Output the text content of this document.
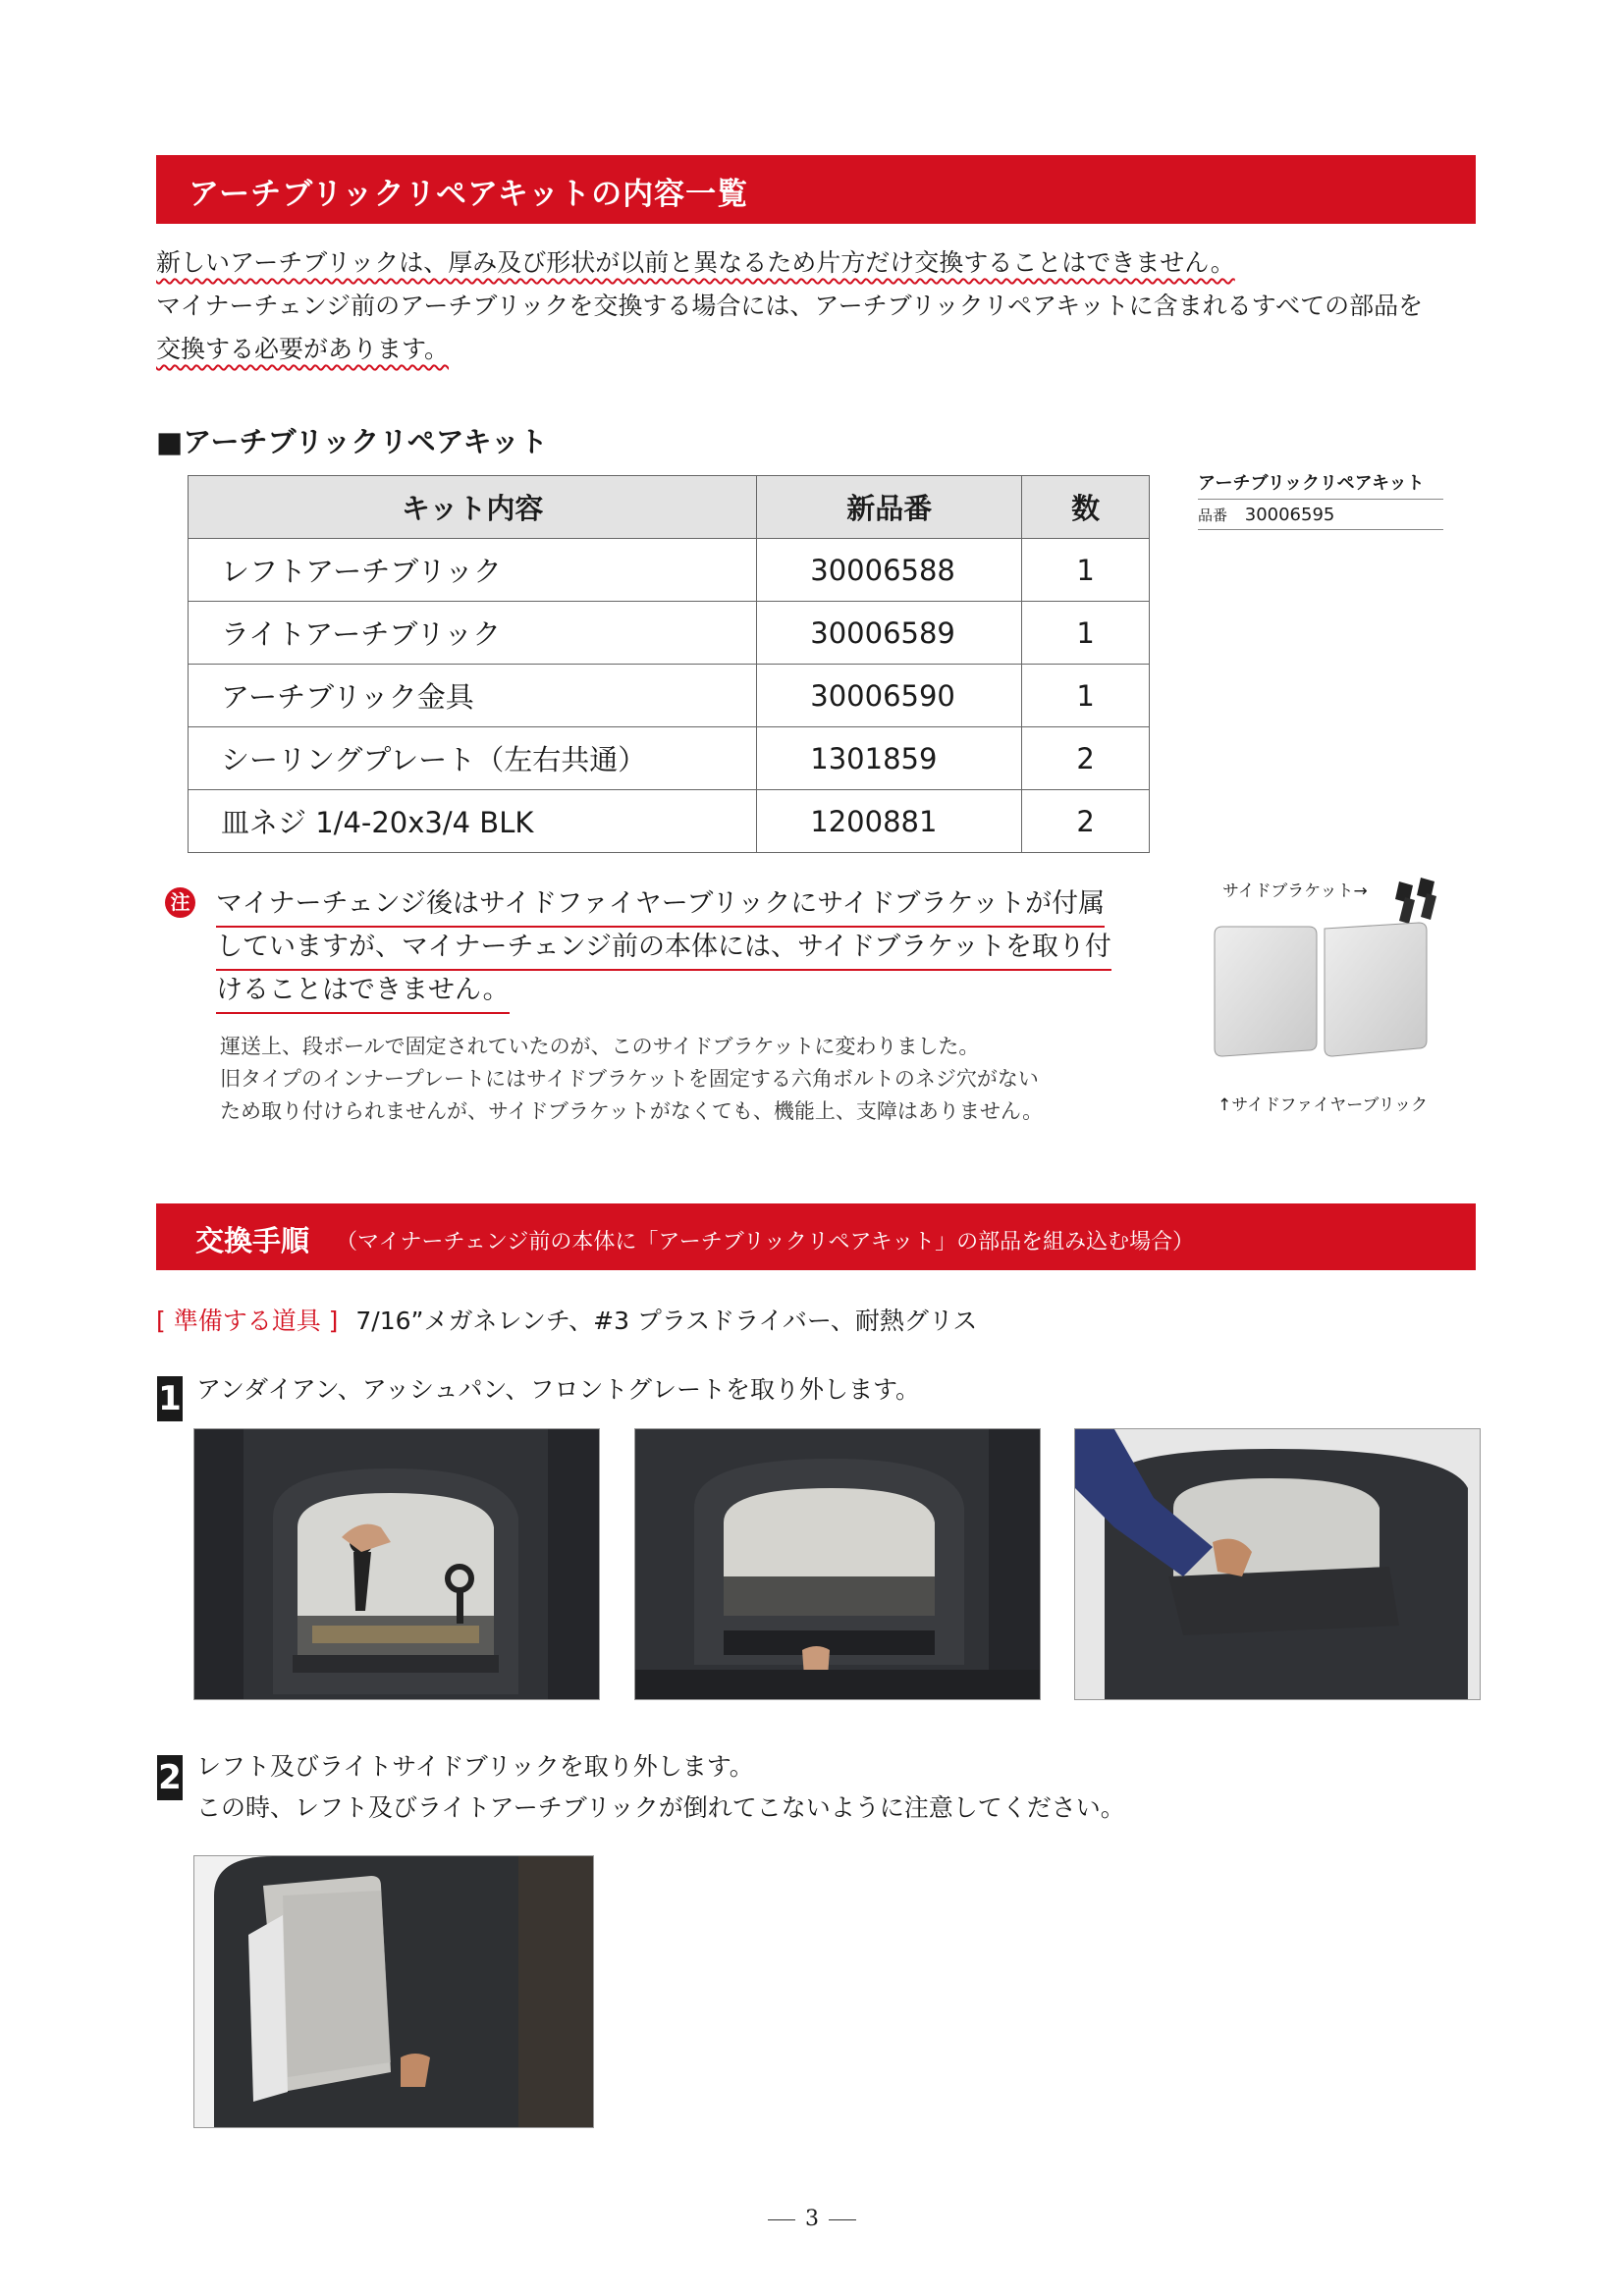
アーチブリックリペアキットの内容一覧
新しいアーチブリックは、厚み及び形状が以前と異なるため片方だけ交換することはできません。
マイナーチェンジ前のアーチブリックを交換する場合には、アーチブリックリペアキットに含まれるすべての部品を
交換する必要があります。
■アーチブリックリペアキット
キット内容	新品番	数
レフトアーチブリック	30006588	1
ライトアーチブリック	30006589	1
アーチブリック金具	30006590	1
シーリングプレート（左右共通）	1301859	2
皿ネジ 1/4-20x3/4 BLK	1200881	2
アーチブリックリペアキット
品番 30006595
注 マイナーチェンジ後はサイドファイヤーブリックにサイドブラケットが付属
していますが、マイナーチェンジ前の本体には、サイドブラケットを取り付
けることはできません。
運送上、段ボールで固定されていたのが、このサイドブラケットに変わりました。
旧タイプのインナープレートにはサイドブラケットを固定する六角ボルトのネジ穴がない
ため取り付けられませんが、サイドブラケットがなくても、機能上、支障はありません。
サイドブラケット→
↑サイドファイヤーブリック
交換手順 （マイナーチェンジ前の本体に「アーチブリックリペアキット」の部品を組み込む場合）
[ 準備する道具 ] 7/16”メガネレンチ、#3 プラスドライバー、耐熱グリス
1 アンダイアン、アッシュパン、フロントグレートを取り外します。
2 レフト及びライトサイドブリックを取り外します。
この時、レフト及びライトアーチブリックが倒れてこないように注意してください。
3
